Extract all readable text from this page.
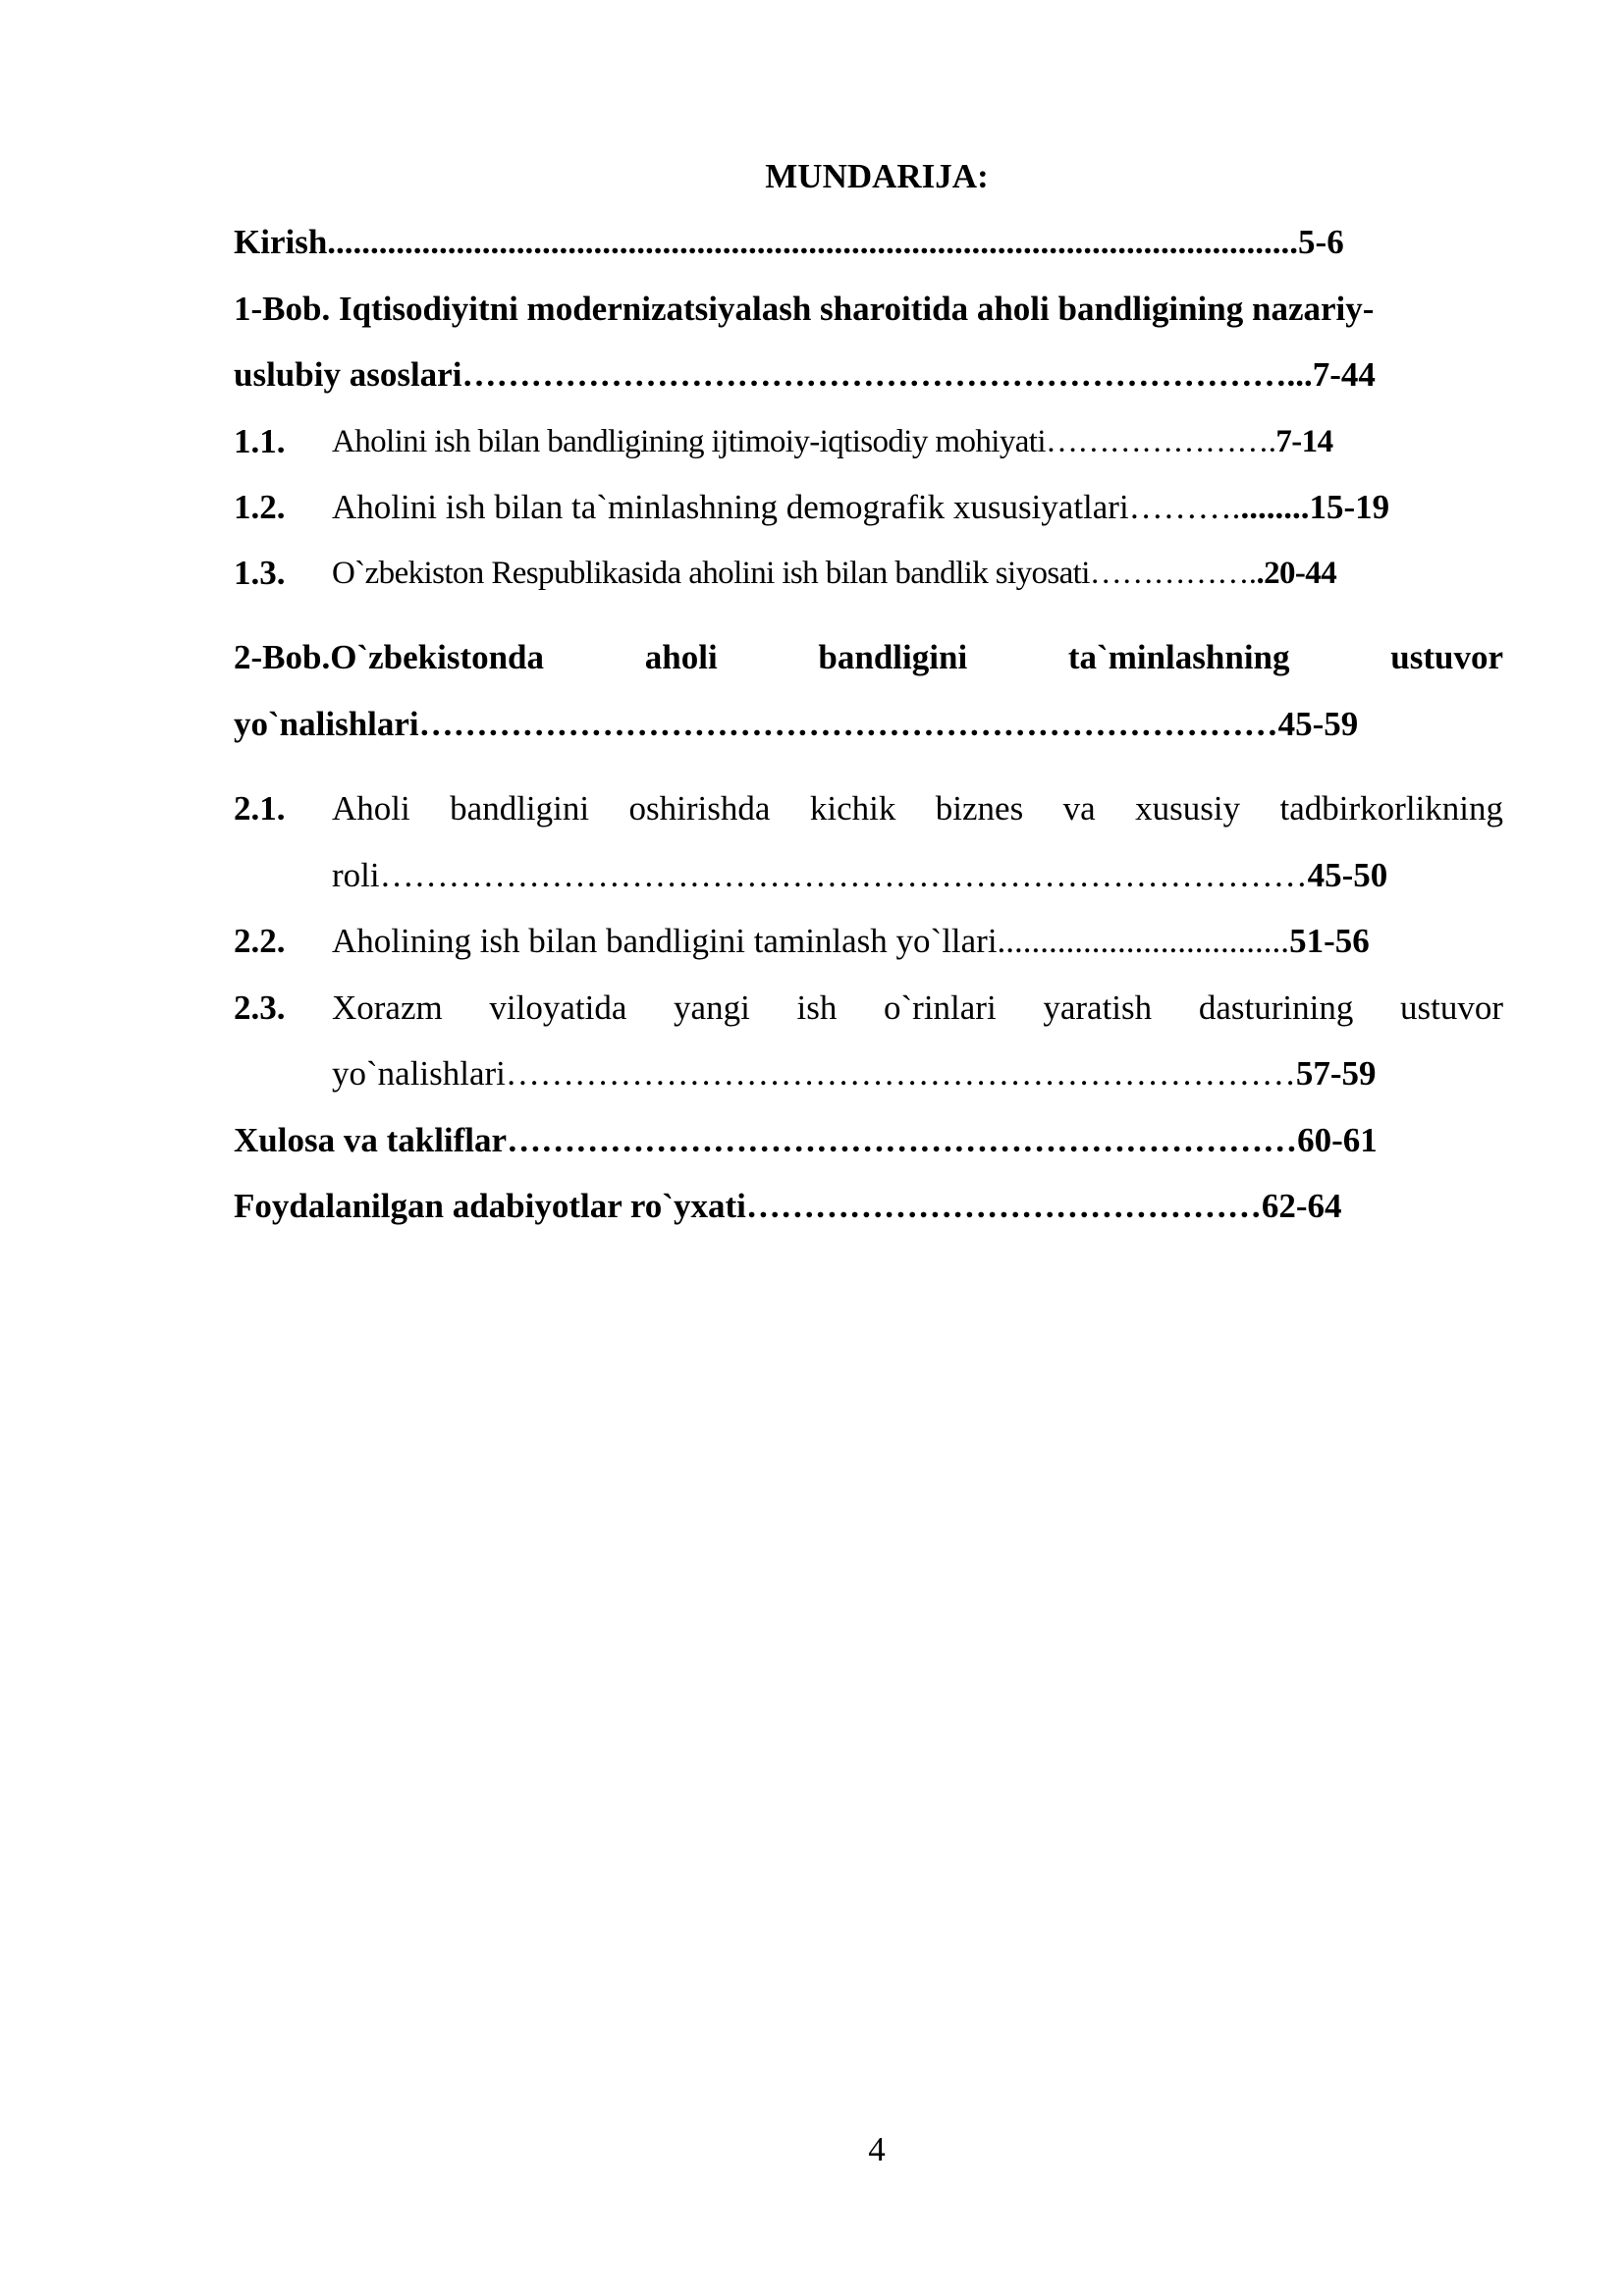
MUNDARIJA:
Kirish.................................................................................................................5-6
1-Bob. Iqtisodiyitni modernizatsiyalash sharoitida aholi bandligining nazariy-
uslubiy asoslari………………………………………………………………...7-44
1.1. Aholini ish bilan bandligining ijtimoiy-iqtisodiy mohiyati………………….7-14
1.2. Aholini ish bilan ta`minlashning demografik xususiyatlari……….........15-19
1.3. O`zbekiston Respublikasida aholini ish bilan bandlik siyosati……………..20-44
2-Bob.O`zbekistonda aholi bandligini ta`minlashning ustuvor
yo`nalishlari…………………………………………………………………45-59
2.1. Aholi bandligini oshirishda kichik biznes va xususiy tadbirkorlikning
roli………………………………………………………………………45-50
2.2. Aholining ish bilan bandligini taminlash yo`llari..................................51-56
2.3. Xorazm viloyatida yangi ish o`rinlari yaratish dasturining ustuvor
yo`nalishlari……………………………………………………………57-59
Xulosa va takliflar……………………………………………………………60-61
Foydalanilgan adabiyotlar ro`yxati………………………………………62-64
4
